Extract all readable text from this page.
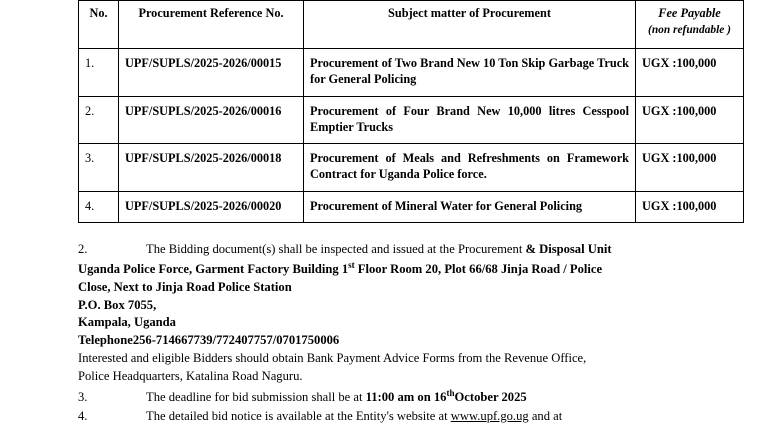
No.	Procurement Reference No.	Subject matter of Procurement	Fee Payable
(non refundable )

1.	UPF/SUPLS/2025-2026/00015	Procurement of Two Brand New 10 Ton Skip Garbage Truck for General Policing	UGX :100,000
2.	UPF/SUPLS/2025-2026/00016	Procurement of Four Brand New 10,000 litres Cesspool Emptier Trucks	UGX :100,000
3.	UPF/SUPLS/2025-2026/00018	Procurement of Meals and Refreshments on Framework Contract for Uganda Police force.	UGX :100,000
4.	UPF/SUPLS/2025-2026/00020	Procurement of Mineral Water for General Policing	UGX :100,000
2.	The Bidding document(s) shall be inspected and issued at the Procurement & Disposal Unit
Uganda Police Force, Garment Factory Building 1st Floor Room 20, Plot 66/68 Jinja Road / Police
Close, Next to Jinja Road Police Station
P.O. Box 7055,
Kampala, Uganda
Telephone256-714667739/772407757/0701750006
Interested and eligible Bidders should obtain Bank Payment Advice Forms from the Revenue Office,
Police Headquarters, Katalina Road Naguru.
3.	The deadline for bid submission shall be at 11:00 am on 16thOctober 2025
4.	The detailed bid notice is available at the Entity's website at www.upf.go.ug and at
